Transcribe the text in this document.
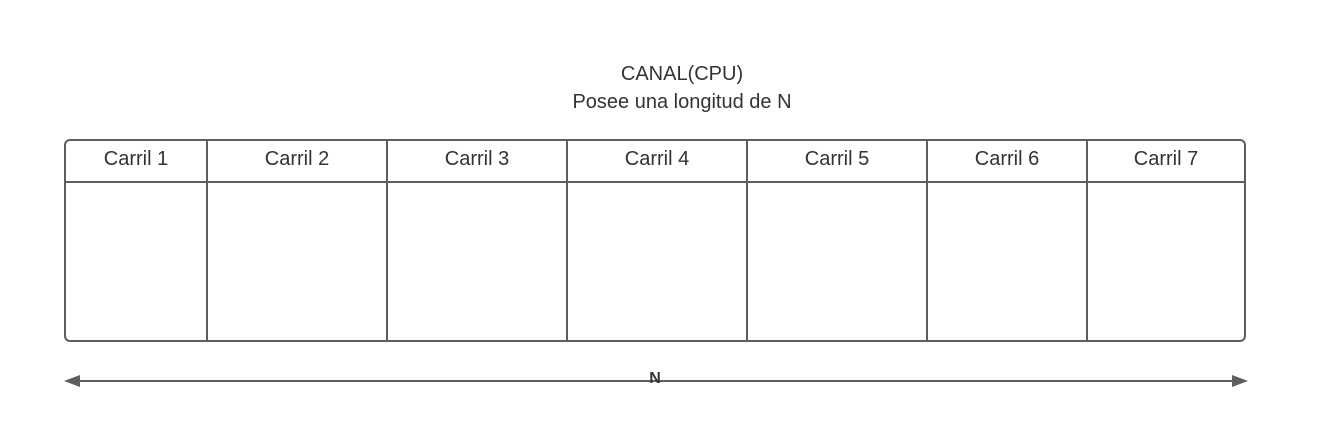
CANAL(CPU)
Posee una longitud de N
Carril 1	Carril 2	Carril 3	Carril 4	Carril 5	Carril 6	Carril 7
N
